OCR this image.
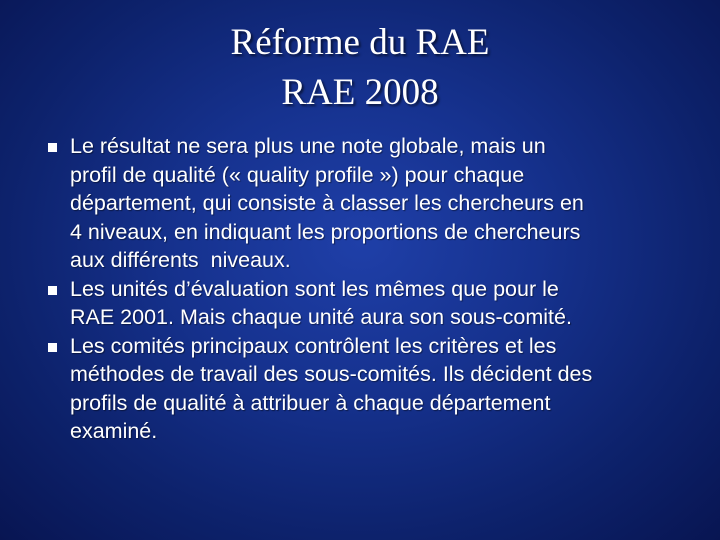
Réforme du RAE
RAE 2008
Le résultat ne sera plus une note globale, mais un
profil de qualité (« quality profile ») pour chaque
département, qui consiste à classer les chercheurs en
4 niveaux, en indiquant les proportions de chercheurs
aux différents  niveaux.
Les unités d’évaluation sont les mêmes que pour le
RAE 2001. Mais chaque unité aura son sous-comité.
Les comités principaux contrôlent les critères et les
méthodes de travail des sous-comités. Ils décident des
profils de qualité à attribuer à chaque département
examiné.
